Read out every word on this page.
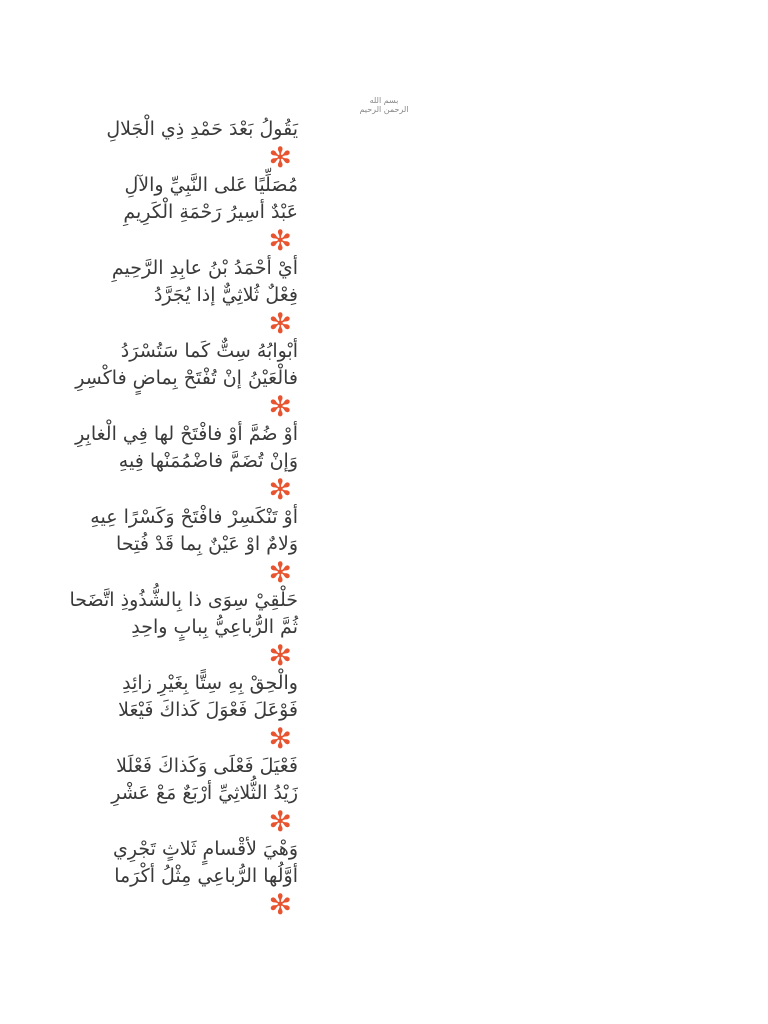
بسم الله
الرحمن الرحيم
يَقُولُ بَعْدَ حَمْدِ ذِي الْجَلالِ
✻
مُصَلِّيًا عَلى النَّبِيِّ والآلِ
عَبْدٌ أسِيرُ رَحْمَةِ الْكَرِيمِ
✻
أيْ أحْمَدُ بْنُ عابِدِ الرَّحِيمِ
فِعْلٌ ثُلاثِيٌّ إذا يُجَرَّدُ
✻
أبْوابُهُ سِتٌّ كَما سَتُسْرَدُ
فالْعَيْنُ إنْ تُفْتَحْ بِماضٍ فاكْسِرِ
✻
أوْ ضُمَّ أوْ فافْتَحْ لها فِي الْغابِرِ
وَإنْ تُضَمَّ فاضْمُمَنْها فِيهِ
✻
أوْ تَنْكَسِرْ فافْتَحْ وَكَسْرًا عِيهِ
وَلامٌ اوْ عَيْنٌ بِما قَدْ فُتِحا
✻
حَلْقِيْ سِوَى ذا بِالشُّذُوذِ اتَّضَحا
ثُمَّ الرُّباعِيُّ بِبابٍ واحِدِ
✻
والْحِقْ بِهِ سِتًّا بِغَيْرِ زائِدِ
فَوْعَلَ فَعْوَلَ كَذاكَ فَيْعَلا
✻
فَعْيَلَ فَعْلَى وَكَذاكَ فَعْلَلا
زَيْدُ الثُّلاثِيِّ أرْبَعٌ مَعْ عَشْرِ
✻
وَهْيَ لأقْسامٍ ثَلاثٍ تَجْرِي
أوَّلُها الرُّباعِي مِثْلُ أكْرَما
✻
